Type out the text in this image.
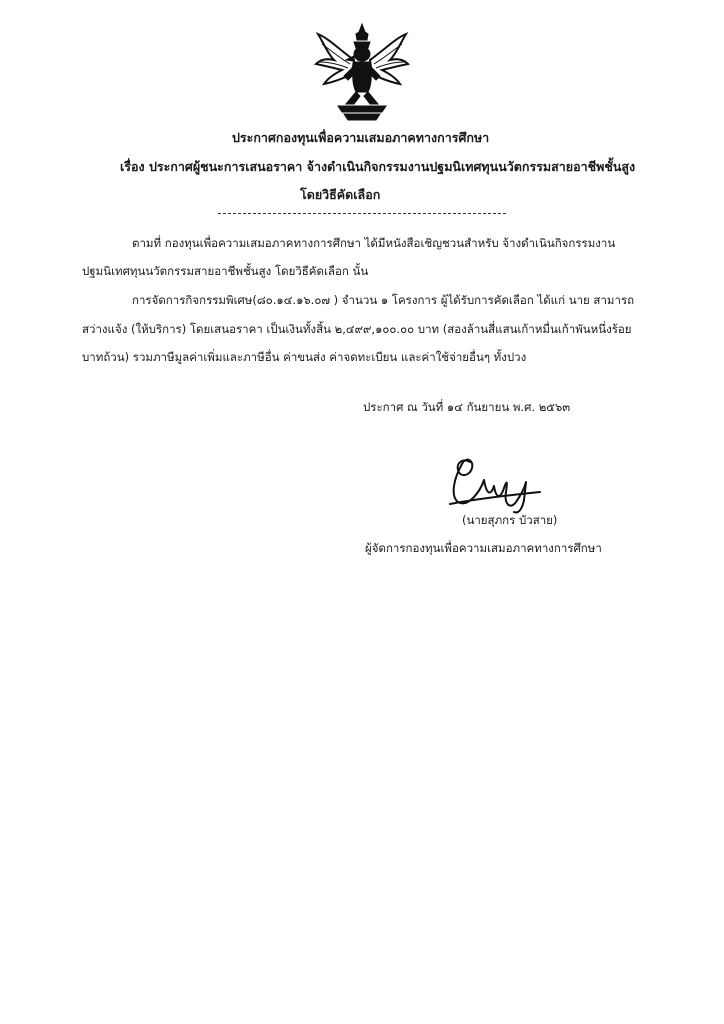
ประกาศกองทุนเพื่อความเสมอภาคทางการศึกษา
เรื่อง ประกาศผู้ชนะการเสนอราคา จ้างดำเนินกิจกรรมงานปฐมนิเทศทุนนวัตกรรมสายอาชีพชั้นสูง
โดยวิธีคัดเลือก
ตามที่ กองทุนเพื่อความเสมอภาคทางการศึกษา ได้มีหนังสือเชิญชวนสำหรับ จ้างดำเนินกิจกรรมงาน
ปฐมนิเทศทุนนวัตกรรมสายอาชีพชั้นสูง โดยวิธีคัดเลือก นั้น
การจัดการกิจกรรมพิเศษ(๘๐.๑๔.๑๖.๐๗ ) จำนวน ๑ โครงการ ผู้ได้รับการคัดเลือก ได้แก่ นาย สามารถ
สว่างแจ้ง (ให้บริการ) โดยเสนอราคา เป็นเงินทั้งสิ้น ๒,๔๙๙,๑๐๐.๐๐ บาท (สองล้านสี่แสนเก้าหมื่นเก้าพันหนึ่งร้อย
บาทถ้วน) รวมภาษีมูลค่าเพิ่มและภาษีอื่น ค่าขนส่ง ค่าจดทะเบียน และค่าใช้จ่ายอื่นๆ ทั้งปวง
ประกาศ ณ วันที่ ๑๔ กันยายน พ.ศ. ๒๕๖๓
(นายสุภกร บัวสาย)
ผู้จัดการกองทุนเพื่อความเสมอภาคทางการศึกษา
